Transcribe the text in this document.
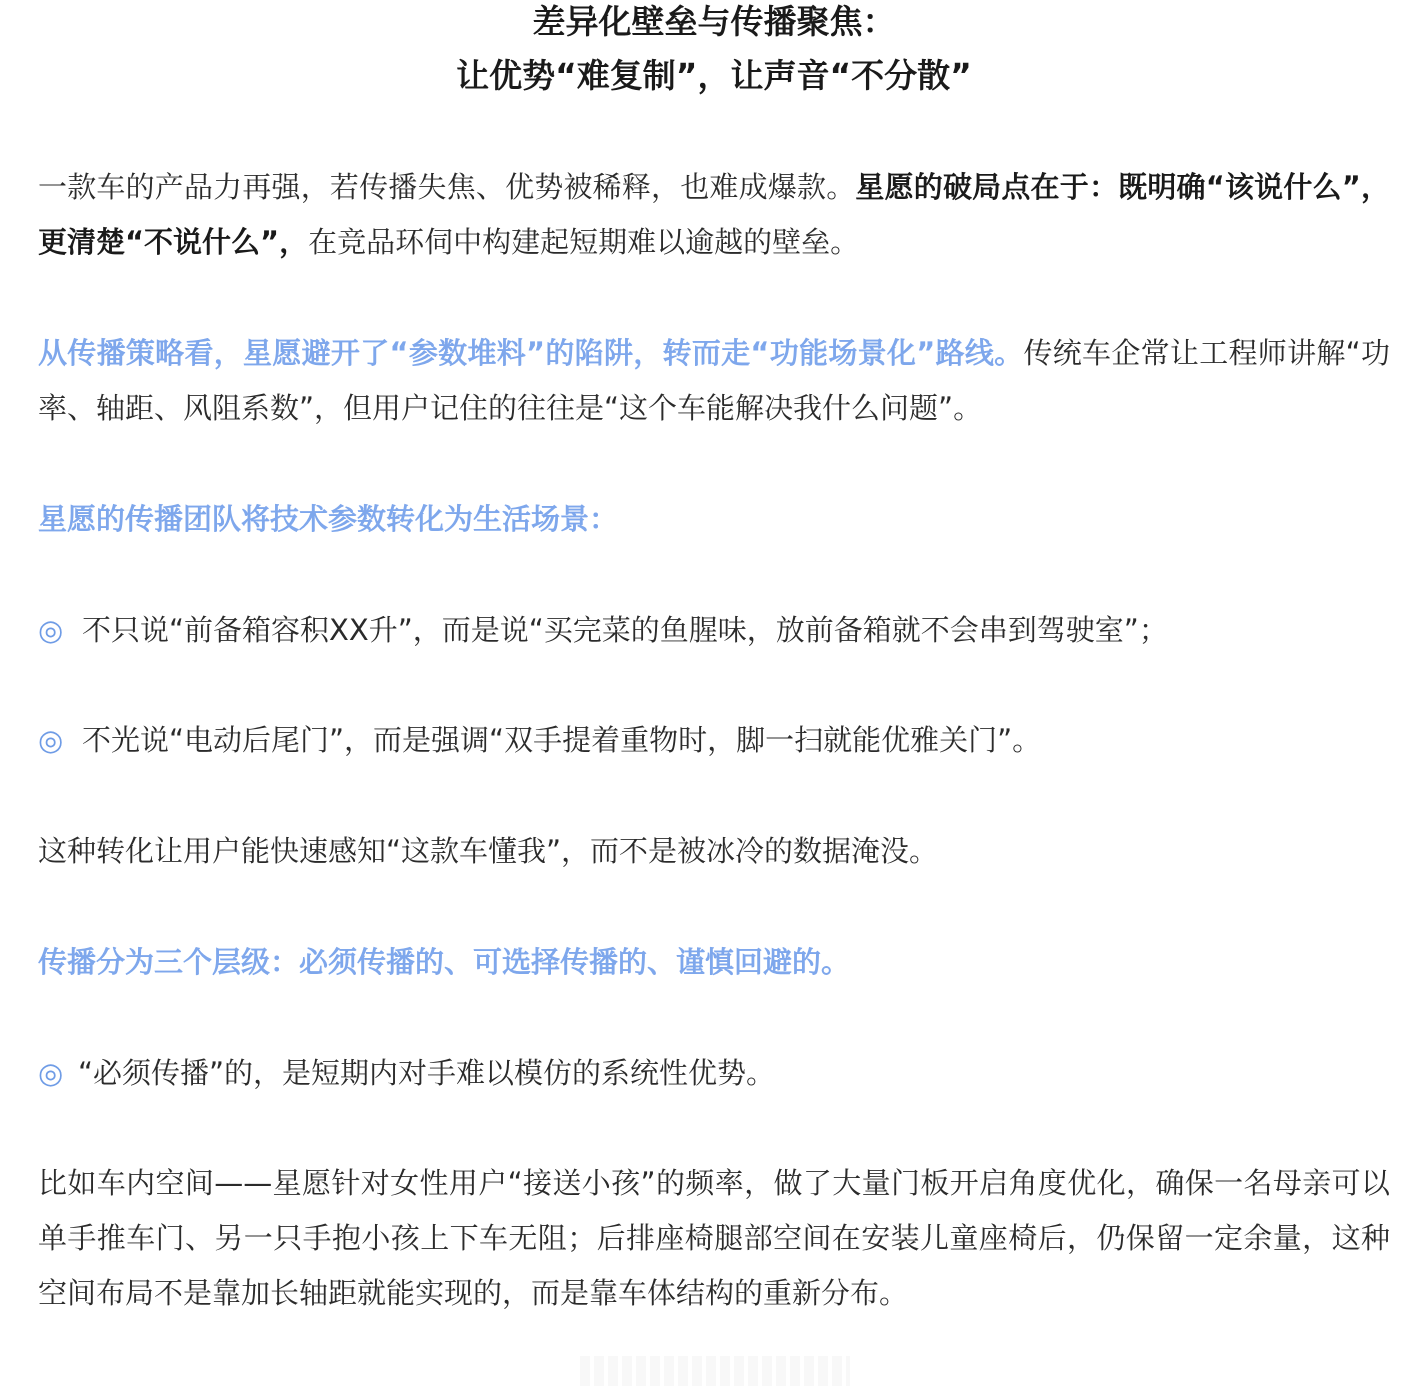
差异化壁垒与传播聚焦：
让优势“难复制”，让声音“不分散”
一款车的产品力再强，若传播失焦、优势被稀释，也难成爆款。星愿的破局点在于：既明确“该说什么”，更清楚“不说什么”，在竞品环伺中构建起短期难以逾越的壁垒。
从传播策略看，星愿避开了“参数堆料”的陷阱，转而走“功能场景化”路线。传统车企常让工程师讲解“功率、轴距、风阻系数”，但用户记住的往往是“这个车能解决我什么问题”。
星愿的传播团队将技术参数转化为生活场景：
◎ 不只说“前备箱容积XX升”，而是说“买完菜的鱼腥味，放前备箱就不会串到驾驶室”；
◎ 不光说“电动后尾门”，而是强调“双手提着重物时，脚一扫就能优雅关门”。
这种转化让用户能快速感知“这款车懂我”，而不是被冰冷的数据淹没。
传播分为三个层级：必须传播的、可选择传播的、谨慎回避的。
◎ “必须传播”的，是短期内对手难以模仿的系统性优势。
比如车内空间——星愿针对女性用户“接送小孩”的频率，做了大量门板开启角度优化，确保一名母亲可以单手推车门、另一只手抱小孩上下车无阻；后排座椅腿部空间在安装儿童座椅后，仍保留一定余量，这种空间布局不是靠加长轴距就能实现的，而是靠车体结构的重新分布。
